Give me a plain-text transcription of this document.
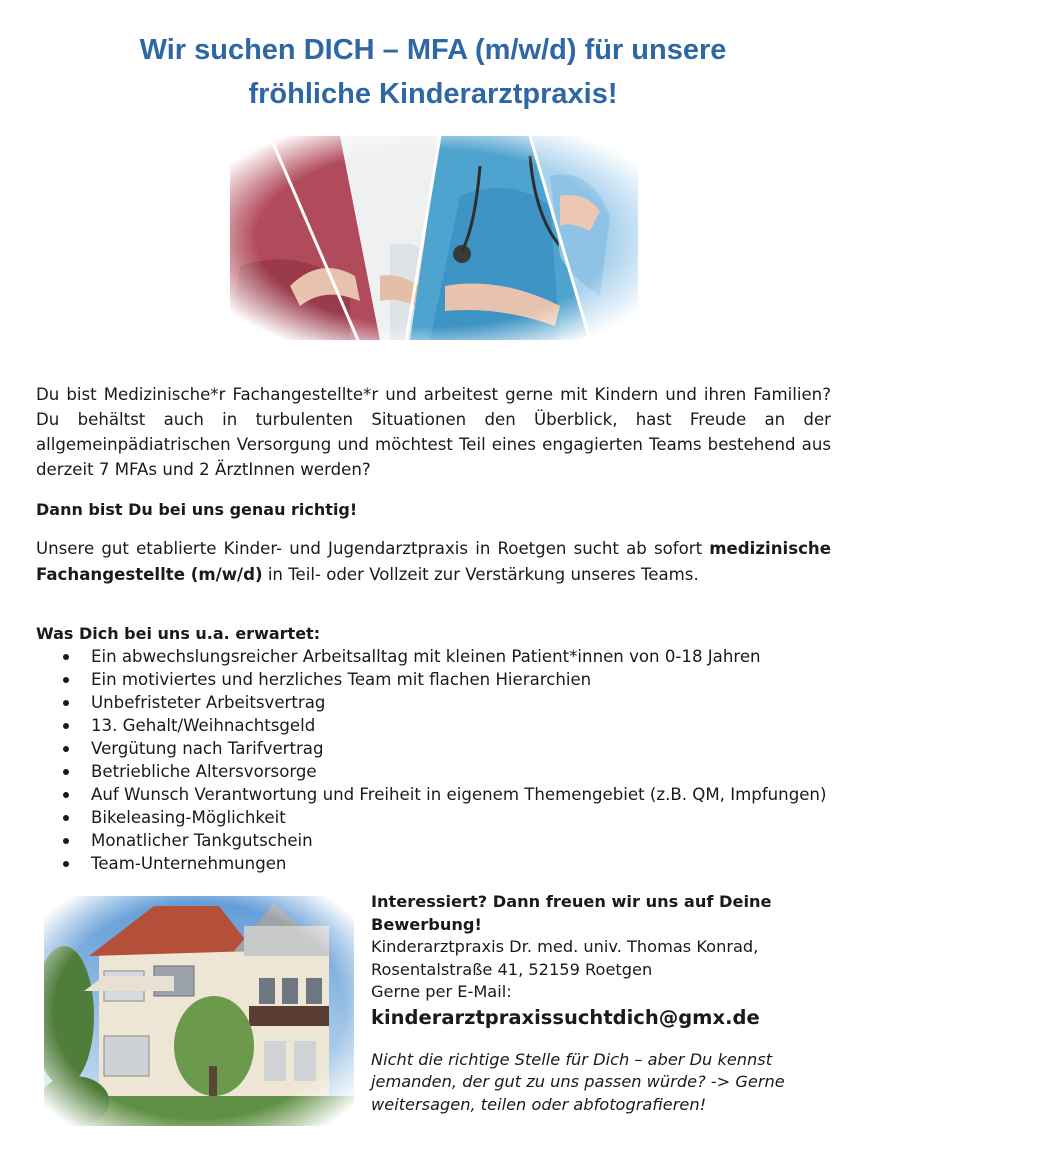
Wir suchen DICH – MFA (m/w/d) für unsere
fröhliche Kinderarztpraxis!

Du bist Medizinische*r Fachangestellte*r und arbeitest gerne mit Kindern und ihren Familien? Du behältst auch in turbulenten Situationen den Überblick, hast Freude an der allgemeinpädiatrischen Versorgung und möchtest Teil eines engagierten Teams bestehend aus derzeit 7 MFAs und 2 ÄrztInnen werden?

Dann bist Du bei uns genau richtig!

Unsere gut etablierte Kinder- und Jugendarztpraxis in Roetgen sucht ab sofort medizinische Fachangestellte (m/w/d) in Teil- oder Vollzeit zur Verstärkung unseres Teams.

Was Dich bei uns u.a. erwartet:

Ein abwechslungsreicher Arbeitsalltag mit kleinen Patient*innen von 0-18 Jahren
Ein motiviertes und herzliches Team mit flachen Hierarchien
Unbefristeter Arbeitsvertrag
13. Gehalt/Weihnachtsgeld
Vergütung nach Tarifvertrag
Betriebliche Altersvorsorge
Auf Wunsch Verantwortung und Freiheit in eigenem Themengebiet (z.B. QM, Impfungen)
Bikeleasing-Möglichkeit
Monatlicher Tankgutschein
Team-Unternehmungen
Interessiert? Dann freuen wir uns auf Deine Bewerbung!
Kinderarztpraxis Dr. med. univ. Thomas Konrad,
Rosentalstraße 41, 52159 Roetgen
Gerne per E-Mail:
kinderarztpraxissuchtdich@gmx.de
Nicht die richtige Stelle für Dich – aber Du kennst jemanden, der gut zu uns passen würde? -> Gerne weitersagen, teilen oder abfotografieren!
